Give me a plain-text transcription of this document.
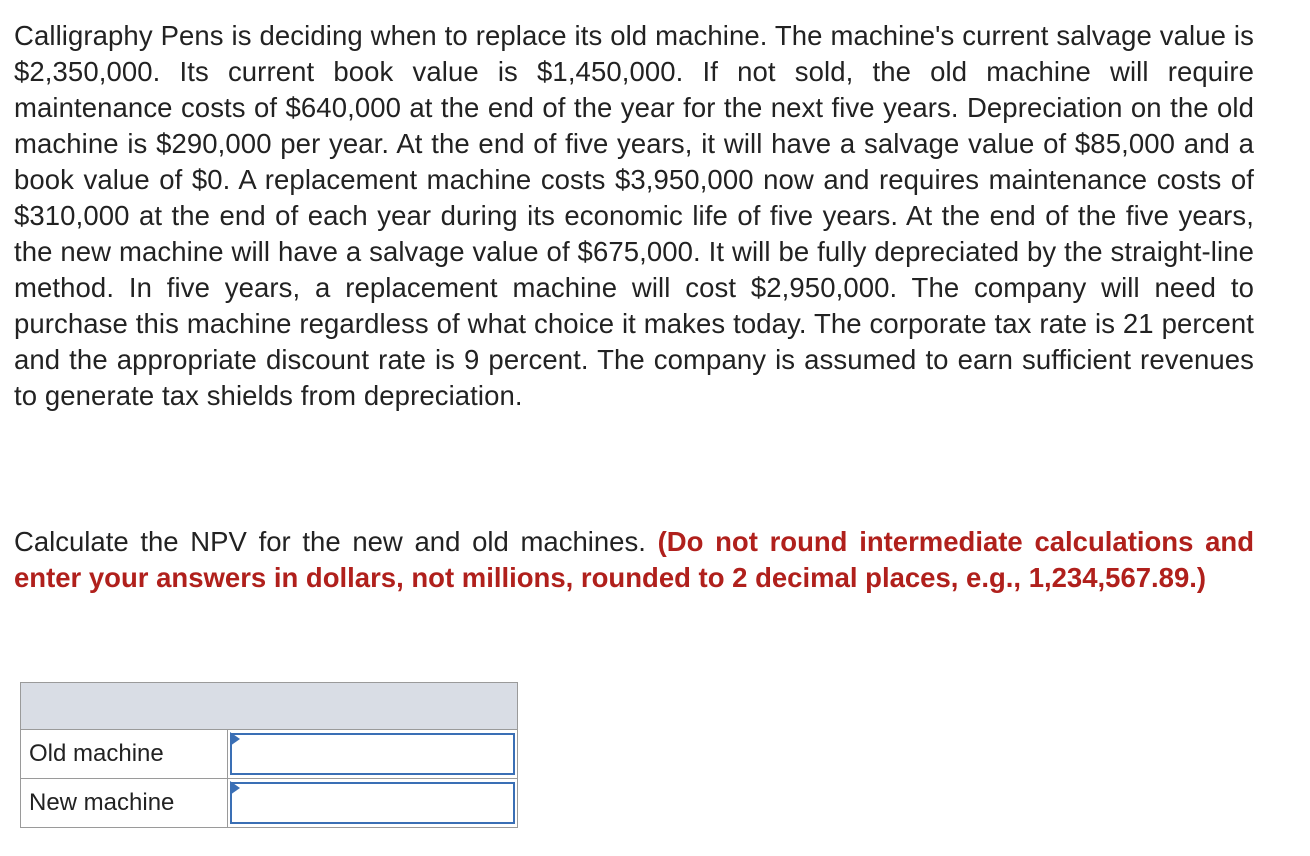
Calligraphy Pens is deciding when to replace its old machine. The machine's current salvage value is $2,350,000. Its current book value is $1,450,000. If not sold, the old machine will require maintenance costs of $640,000 at the end of the year for the next five years. Depreciation on the old machine is $290,000 per year. At the end of five years, it will have a salvage value of $85,000 and a book value of $0. A replacement machine costs $3,950,000 now and requires maintenance costs of $310,000 at the end of each year during its economic life of five years. At the end of the five years, the new machine will have a salvage value of $675,000. It will be fully depreciated by the straight-line method. In five years, a replacement machine will cost $2,950,000. The company will need to purchase this machine regardless of what choice it makes today. The corporate tax rate is 21 percent and the appropriate discount rate is 9 percent. The company is assumed to earn sufficient revenues to generate tax shields from depreciation.
Calculate the NPV for the new and old machines. (Do not round intermediate calculations and enter your answers in dollars, not millions, rounded to 2 decimal places, e.g., 1,234,567.89.)

Old machine	

New machine	
